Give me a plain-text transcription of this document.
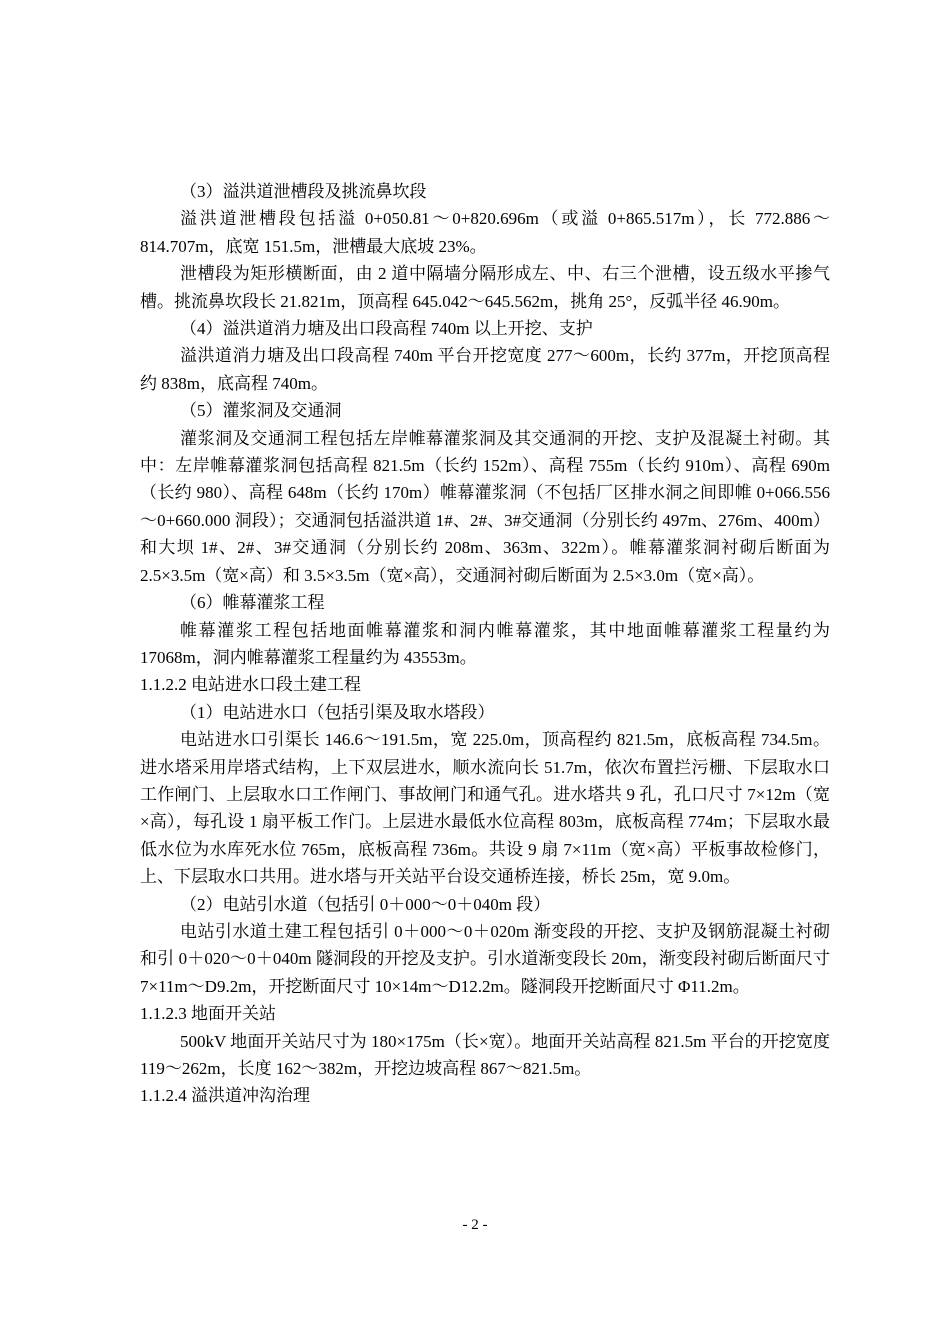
（3）溢洪道泄槽段及挑流鼻坎段

溢洪道泄槽段包括溢 0+050.81～0+820.696m（或溢 0+865.517m），长 772.886～814.707m，底宽 151.5m，泄槽最大底坡 23%。

泄槽段为矩形横断面，由 2 道中隔墙分隔形成左、中、右三个泄槽，设五级水平掺气槽。挑流鼻坎段长 21.821m，顶高程 645.042～645.562m，挑角 25°，反弧半径 46.90m。

（4）溢洪道消力塘及出口段高程 740m 以上开挖、支护

溢洪道消力塘及出口段高程 740m 平台开挖宽度 277～600m，长约 377m，开挖顶高程约 838m，底高程 740m。

（5）灌浆洞及交通洞

灌浆洞及交通洞工程包括左岸帷幕灌浆洞及其交通洞的开挖、支护及混凝土衬砌。其中：左岸帷幕灌浆洞包括高程 821.5m（长约 152m）、高程 755m（长约 910m）、高程 690m（长约 980）、高程 648m（长约 170m）帷幕灌浆洞（不包括厂区排水洞之间即帷 0+066.556～0+660.000 洞段）；交通洞包括溢洪道 1#、2#、3#交通洞（分别长约 497m、276m、400m）和大坝 1#、2#、3#交通洞（分别长约 208m、363m、322m）。帷幕灌浆洞衬砌后断面为 2.5×3.5m（宽×高）和 3.5×3.5m（宽×高），交通洞衬砌后断面为 2.5×3.0m（宽×高）。

（6）帷幕灌浆工程

帷幕灌浆工程包括地面帷幕灌浆和洞内帷幕灌浆，其中地面帷幕灌浆工程量约为 17068m，洞内帷幕灌浆工程量约为 43553m。

1.1.2.2 电站进水口段土建工程

（1）电站进水口（包括引渠及取水塔段）

电站进水口引渠长 146.6～191.5m，宽 225.0m，顶高程约 821.5m，底板高程 734.5m。进水塔采用岸塔式结构，上下双层进水，顺水流向长 51.7m，依次布置拦污栅、下层取水口工作闸门、上层取水口工作闸门、事故闸门和通气孔。进水塔共 9 孔，孔口尺寸 7×12m（宽×高），每孔设 1 扇平板工作门。上层进水最低水位高程 803m，底板高程 774m；下层取水最低水位为水库死水位 765m，底板高程 736m。共设 9 扇 7×11m（宽×高）平板事故检修门，上、下层取水口共用。进水塔与开关站平台设交通桥连接，桥长 25m，宽 9.0m。

（2）电站引水道（包括引 0＋000～0＋040m 段）

电站引水道土建工程包括引 0＋000～0＋020m 渐变段的开挖、支护及钢筋混凝土衬砌和引 0＋020～0＋040m 隧洞段的开挖及支护。引水道渐变段长 20m，渐变段衬砌后断面尺寸 7×11m～D9.2m，开挖断面尺寸 10×14m～D12.2m。隧洞段开挖断面尺寸 Φ11.2m。

1.1.2.3 地面开关站

500kV 地面开关站尺寸为 180×175m（长×宽）。地面开关站高程 821.5m 平台的开挖宽度 119～262m，长度 162～382m，开挖边坡高程 867～821.5m。

1.1.2.4 溢洪道冲沟治理

- 2 -
